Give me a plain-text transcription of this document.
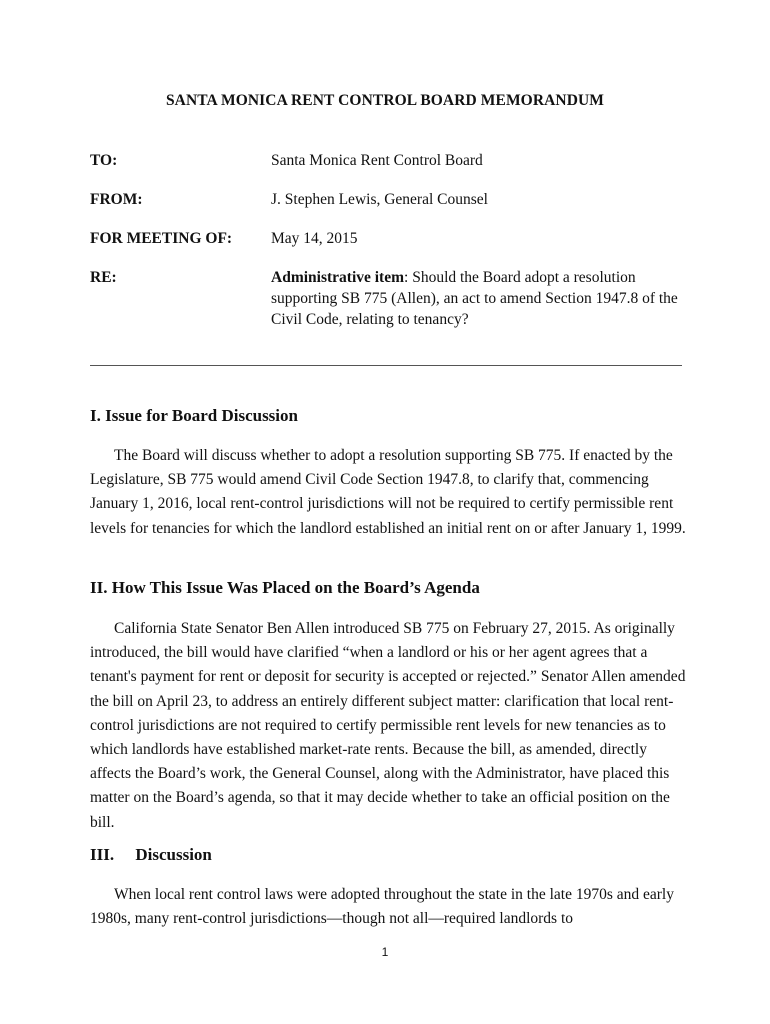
SANTA MONICA RENT CONTROL BOARD MEMORANDUM
TO:	Santa Monica Rent Control Board
FROM:	J. Stephen Lewis, General Counsel
FOR MEETING OF:	May 14, 2015
RE:	Administrative item: Should the Board adopt a resolution supporting SB 775 (Allen), an act to amend Section 1947.8 of the Civil Code, relating to tenancy?
I. Issue for Board Discussion

The Board will discuss whether to adopt a resolution supporting SB 775. If enacted by the Legislature, SB 775 would amend Civil Code Section 1947.8, to clarify that, commencing January 1, 2016, local rent-control jurisdictions will not be required to certify permissible rent levels for tenancies for which the landlord established an initial rent on or after January 1, 1999.

II. How This Issue Was Placed on the Board’s Agenda

California State Senator Ben Allen introduced SB 775 on February 27, 2015. As originally introduced, the bill would have clarified “when a landlord or his or her agent agrees that a tenant's payment for rent or deposit for security is accepted or rejected.” Senator Allen amended the bill on April 23, to address an entirely different subject matter: clarification that local rent-control jurisdictions are not required to certify permissible rent levels for new tenancies as to which landlords have established market-rate rents. Because the bill, as amended, directly affects the Board’s work, the General Counsel, along with the Administrator, have placed this matter on the Board’s agenda, so that it may decide whether to take an official position on the bill.

III.     Discussion

When local rent control laws were adopted throughout the state in the late 1970s and early 1980s, many rent-control jurisdictions—though not all—required landlords to

1
